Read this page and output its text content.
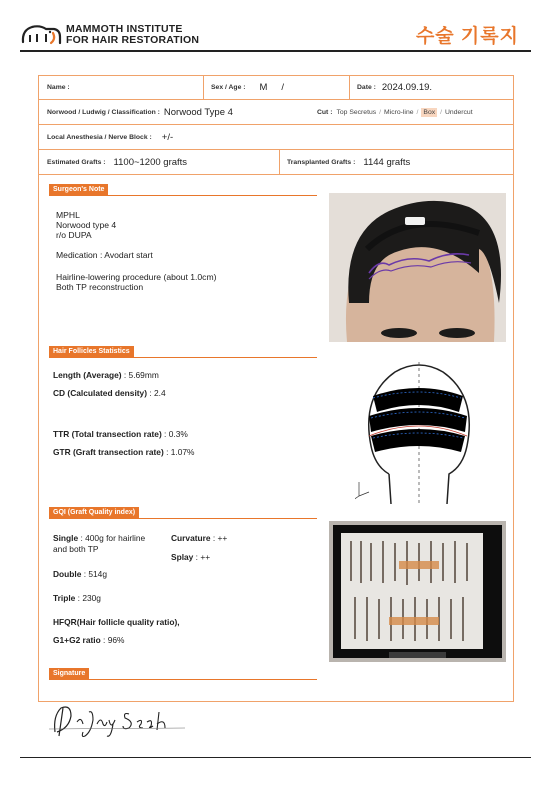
MAMMOTH INSTITUTE
FOR HAIR RESTORATION	수술 기록지
Name :	Sex / Age : M /	Date : 2024.09.19.
Norwood / Ludwig / Classification : Norwood Type 4	Cut : Top Secretus / Micro-line / Box / Undercut
Local Anesthesia / Nerve Block : +/-
Estimated Grafts : 1100~1200 grafts	Transplanted Grafts : 1144 grafts
Surgeon's Note
MPHL
Norwood type 4
r/o DUPA
Medication : Avodart start
Hairline-lowering procedure (about 1.0cm)
Both TP reconstruction
Hair Follicles Statistics
Length (Average) : 5.69mm
CD (Calculated density) : 2.4
TTR (Total transection rate) : 0.3%
GTR (Graft transection rate) : 1.07%
GQI (Graft Quality index)
Single : 400g for hairline
and both TP
Curvature : ++
Splay : ++
Double : 514g
Triple : 230g
HFQR(Hair follicle quality ratio),
G1+G2 ratio : 96%
Signature
